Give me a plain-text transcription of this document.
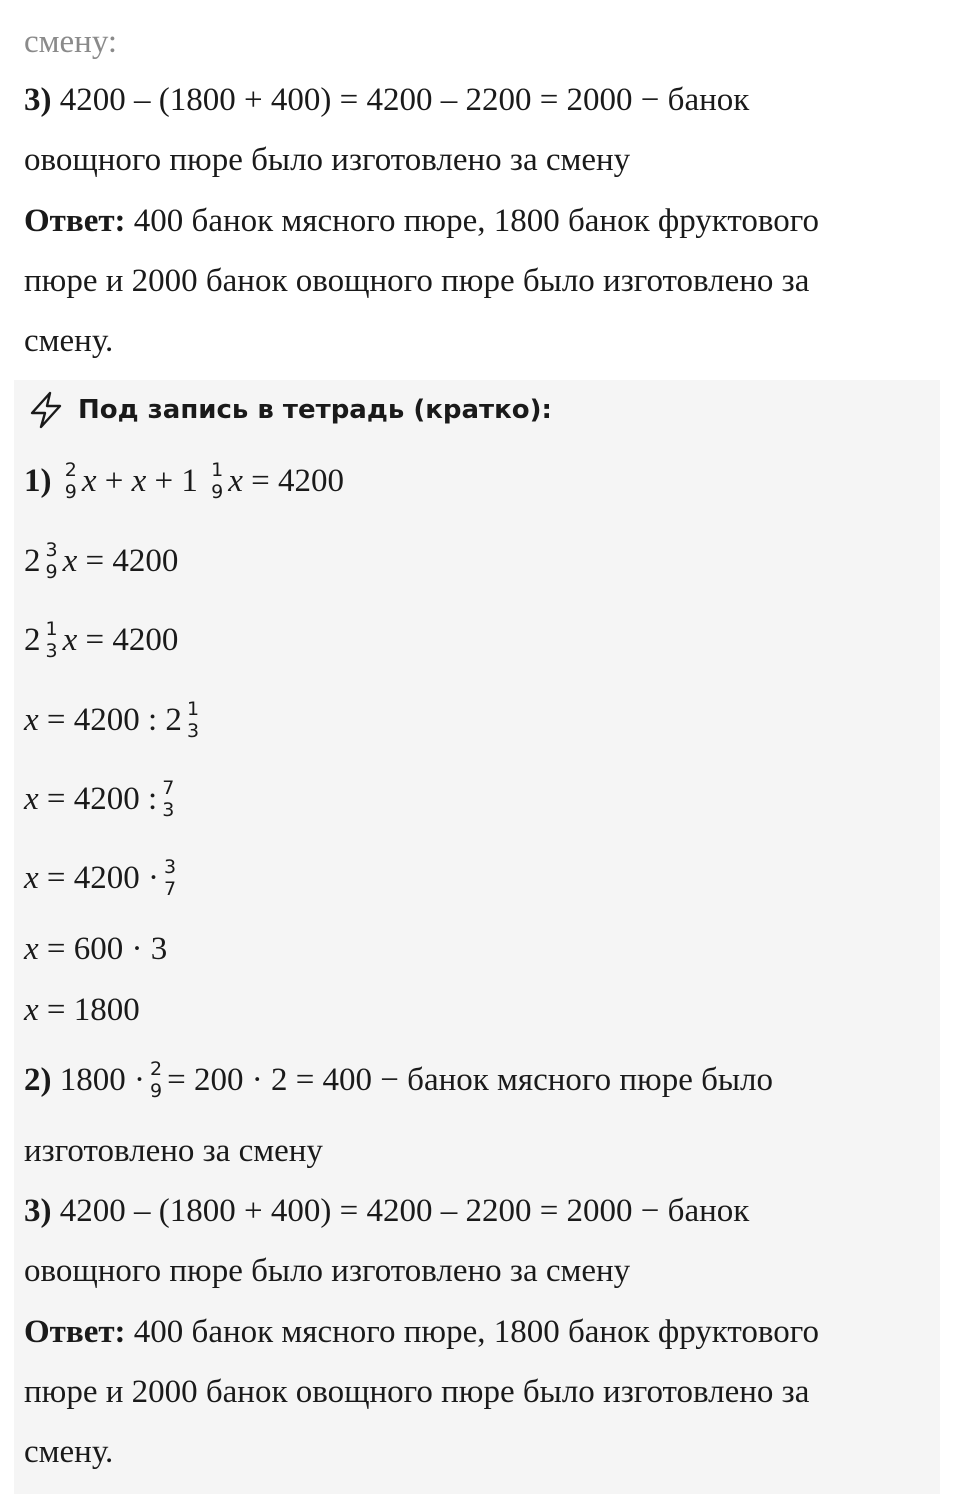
смену:
3) 4200 – (1800 + 400) = 4200 – 2200 = 2000 − банок
овощного пюре было изготовлено за смену
Ответ: 400 банок мясного пюре, 1800 банок фруктового
пюре и 2000 банок овощного пюре было изготовлено за
смену.
Под запись в тетрадь (кратко):
1) 2
9 x + x + 1 1
9 x = 4200
2 3
9 x = 4200
2 1
3 x = 4200
x = 4200 : 2 1
3
x = 4200 : 7
3
x = 4200 · 3
7
x = 600 · 3
x = 1800
2) 1800 · 2
9 = 200 · 2 = 400 − банок мясного пюре было
изготовлено за смену
3) 4200 – (1800 + 400) = 4200 – 2200 = 2000 − банок
овощного пюре было изготовлено за смену
Ответ: 400 банок мясного пюре, 1800 банок фруктового
пюре и 2000 банок овощного пюре было изготовлено за
смену.
